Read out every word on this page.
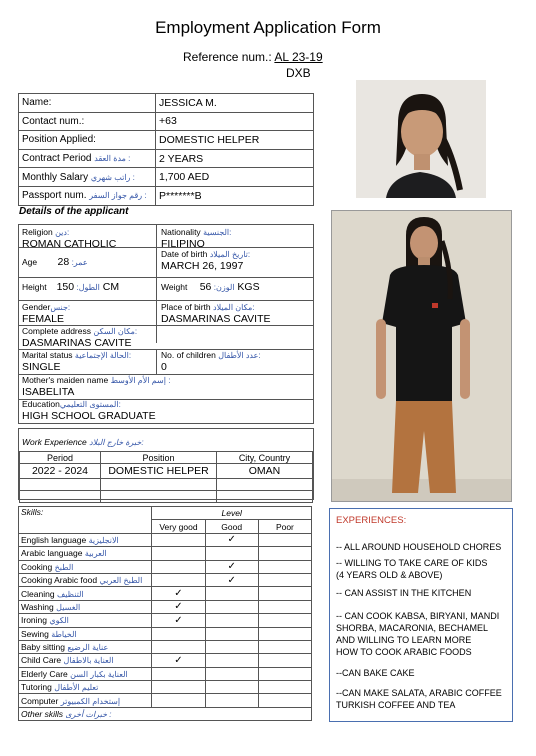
Employment Application Form
Reference num.: AL 23-19
DXB
Name:	JESSICA M.
Contact num.:	+63
Position Applied:	DOMESTIC HELPER
Contract Period مدة العقد :	2 YEARS
Monthly Salary راتب شهري :	1,700 AED
Passport num. رقم جواز السفر :	P*******B
Details of the applicant
Religion دين:
ROMAN CATHOLIC
Nationality الجنسية:
FILIPINO
Age	عمر: 28
Date of birth تاريخ الميلاد:
MARCH 26, 1997
Height	الطول: 150 CM	Weight	الوزن: 56 KGS
Genderجنس:
FEMALE
Place of birth مكان الميلاد:
DASMARINAS CAVITE
Complete address مكان السكن:
DASMARINAS CAVITE
Marital status الحالة الإجتماعية:
SINGLE
No. of children عدد الأطفال:
0
Mother's maiden name إسم الأم الأوسط :
ISABELITA
Educationالمستوى التعليمي:
HIGH SCHOOL GRADUATE
Work Experience خبرة خارج البلاد:
Period	Position	City, Country
2022 - 2024	DOMESTIC HELPER	OMAN

Skills:	Level		
	Very good	Good	Poor
English language الانجليزية		✓	
Arabic language العربية			
Cooking الطبخ		✓	
Cooking Arabic food الطبخ العربي		✓	
Cleaning التنظيف	✓		
Washing الغسيل	✓		
Ironing الكوي	✓		
Sewing الخياطة			
Baby sitting عناية الرضيع			
Child Care العناية بالاطفال	✓		
Elderly Care العناية بكبار السن			
Tutoring تعليم الأطفال			
Computer إستخدام الكمبيوتر			
Other skills خبرات أخرى :			
EXPERIENCES:
-- ALL AROUND HOUSEHOLD CHORES
-- WILLING TO TAKE CARE OF KIDS
(4 YEARS OLD & ABOVE)
-- CAN ASSIST IN THE KITCHEN
-- CAN COOK KABSA, BIRYANI, MANDI
SHORBA, MACARONIA, BECHAMEL
AND WILLING TO LEARN MORE
HOW TO COOK ARABIC FOODS
--CAN BAKE CAKE
--CAN MAKE SALATA, ARABIC COFFEE
TURKISH COFFEE AND TEA
